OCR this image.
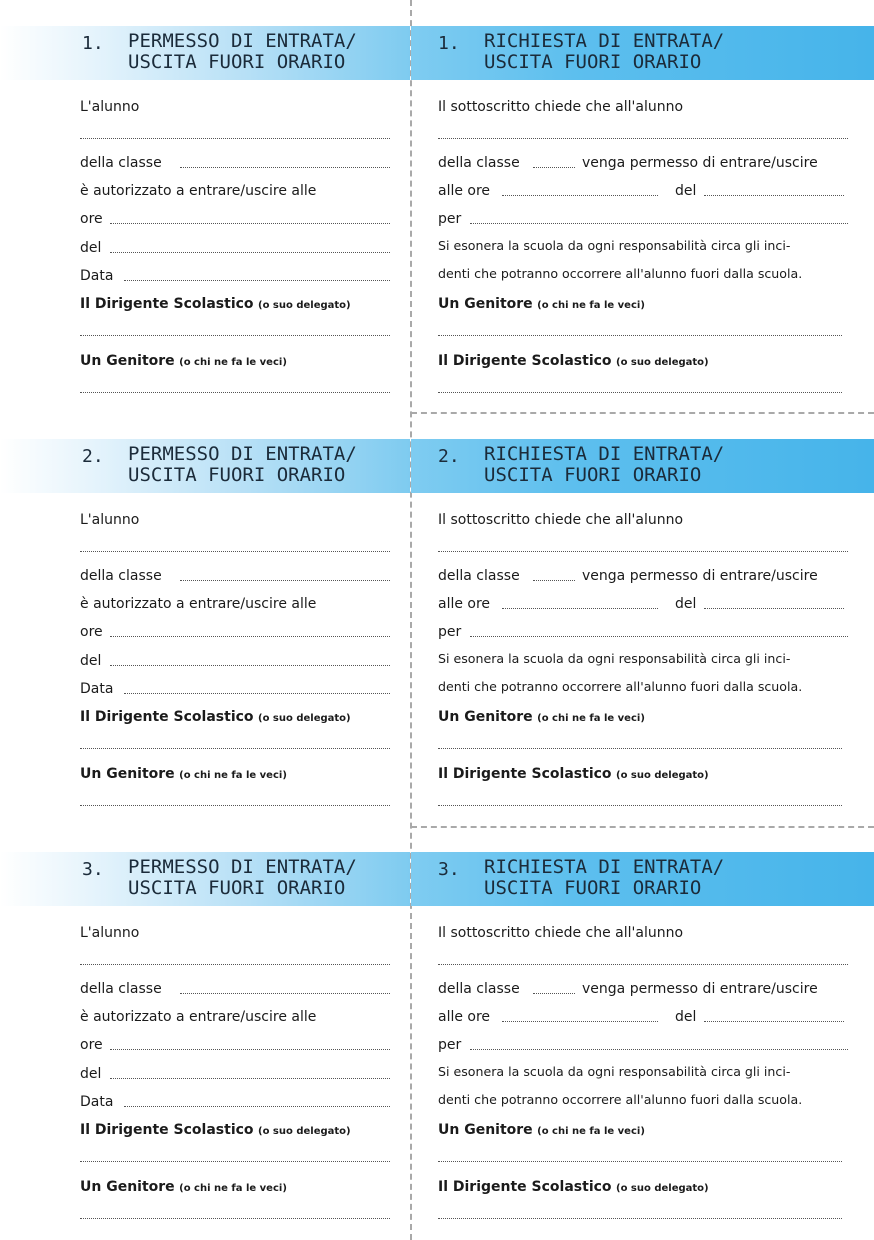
1. PERMESSO DI ENTRATA/
USCITA FUORI ORARIO
L'alunno
della classe
è autorizzato a entrare/uscire alle
ore
del
Data
Il Dirigente Scolastico (o suo delegato)
Un Genitore (o chi ne fa le veci)
1. RICHIESTA DI ENTRATA/
USCITA FUORI ORARIO
Il sottoscritto chiede che all'alunno
della classe	venga permesso di entrare/uscire
alle ore	del
per
Si esonera la scuola da ogni responsabilità circa gli inci-
denti che potranno occorrere all'alunno fuori dalla scuola.
Un Genitore (o chi ne fa le veci)
Il Dirigente Scolastico (o suo delegato)
2. PERMESSO DI ENTRATA/
USCITA FUORI ORARIO
L'alunno
della classe
è autorizzato a entrare/uscire alle
ore
del
Data
Il Dirigente Scolastico (o suo delegato)
Un Genitore (o chi ne fa le veci)
2. RICHIESTA DI ENTRATA/
USCITA FUORI ORARIO
Il sottoscritto chiede che all'alunno
della classe	venga permesso di entrare/uscire
alle ore	del
per
Si esonera la scuola da ogni responsabilità circa gli inci-
denti che potranno occorrere all'alunno fuori dalla scuola.
Un Genitore (o chi ne fa le veci)
Il Dirigente Scolastico (o suo delegato)
3. PERMESSO DI ENTRATA/
USCITA FUORI ORARIO
L'alunno
della classe
è autorizzato a entrare/uscire alle
ore
del
Data
Il Dirigente Scolastico (o suo delegato)
Un Genitore (o chi ne fa le veci)
3. RICHIESTA DI ENTRATA/
USCITA FUORI ORARIO
Il sottoscritto chiede che all'alunno
della classe	venga permesso di entrare/uscire
alle ore	del
per
Si esonera la scuola da ogni responsabilità circa gli inci-
denti che potranno occorrere all'alunno fuori dalla scuola.
Un Genitore (o chi ne fa le veci)
Il Dirigente Scolastico (o suo delegato)
